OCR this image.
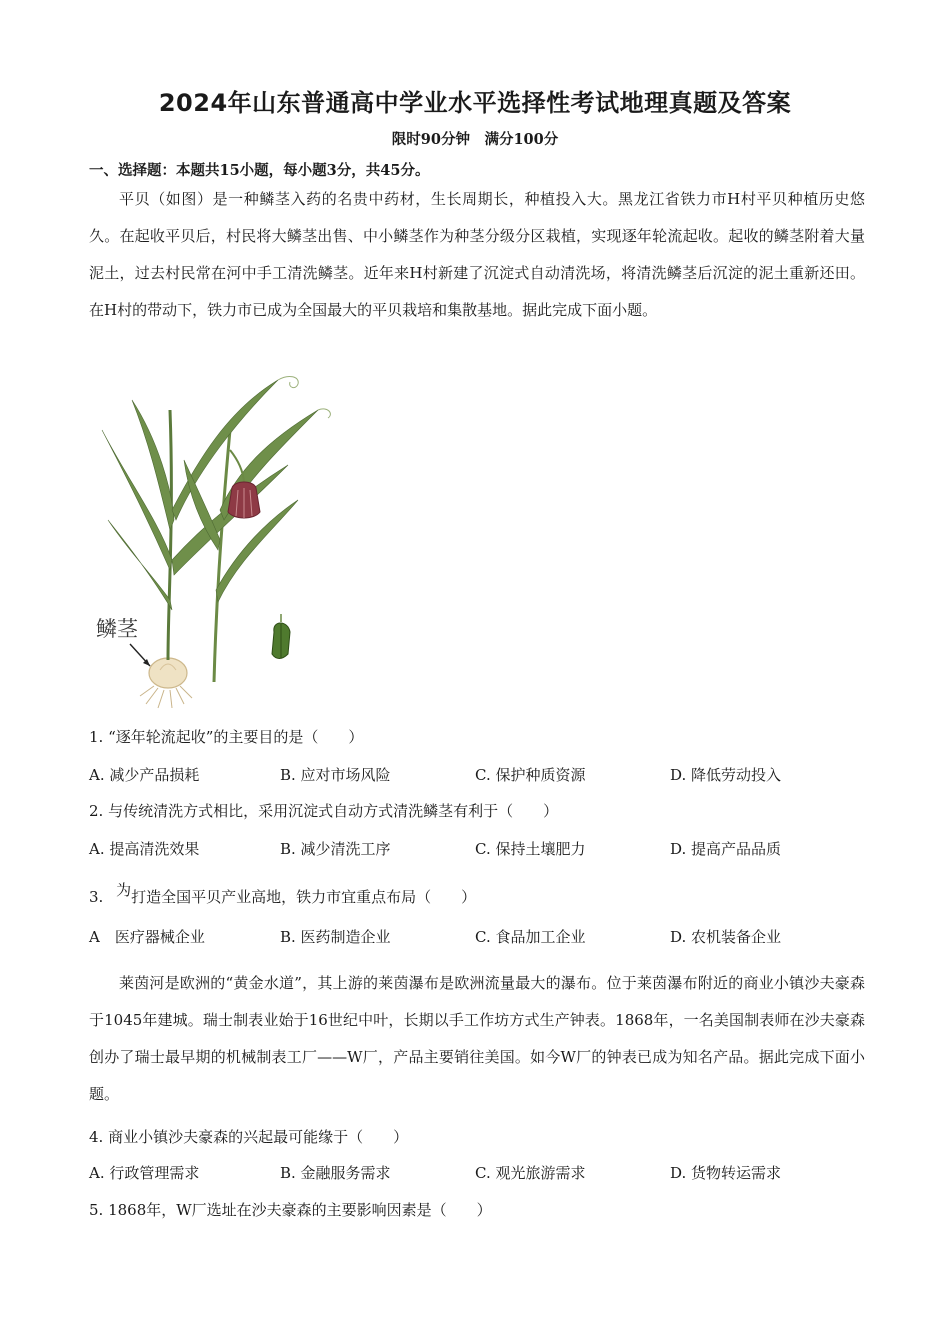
2024年山东普通高中学业水平选择性考试地理真题及答案
限时90分钟　满分100分
一、选择题：本题共15小题，每小题3分，共45分。
平贝（如图）是一种鳞茎入药的名贵中药材，生长周期长，种植投入大。黑龙江省铁力市H村平贝种植历史悠久。在起收平贝后，村民将大鳞茎出售、中小鳞茎作为种茎分级分区栽植，实现逐年轮流起收。起收的鳞茎附着大量泥土，过去村民常在河中手工清洗鳞茎。近年来H村新建了沉淀式自动清洗场，将清洗鳞茎后沉淀的泥土重新还田。在H村的带动下，铁力市已成为全国最大的平贝栽培和集散基地。据此完成下面小题。
鳞茎
1. “逐年轮流起收”的主要目的是（　　）
A. 减少产品损耗	B. 应对市场风险	C. 保护种质资源	D. 降低劳动投入
2. 与传统清洗方式相比，采用沉淀式自动方式清洗鳞茎有利于（　　）
A. 提高清洗效果	B. 减少清洗工序	C. 保持土壤肥力	D. 提高产品品质
3. 为打造全国平贝产业高地，铁力市宜重点布局（　　）
A　医疗器械企业	B. 医药制造企业	C. 食品加工企业	D. 农机装备企业
莱茵河是欧洲的“黄金水道”，其上游的莱茵瀑布是欧洲流量最大的瀑布。位于莱茵瀑布附近的商业小镇沙夫豪森于1045年建城。瑞士制表业始于16世纪中叶，长期以手工作坊方式生产钟表。1868年，一名美国制表师在沙夫豪森创办了瑞士最早期的机械制表工厂——W厂，产品主要销往美国。如今W厂的钟表已成为知名产品。据此完成下面小题。
4. 商业小镇沙夫豪森的兴起最可能缘于（　　）
A. 行政管理需求	B. 金融服务需求	C. 观光旅游需求	D. 货物转运需求
5. 1868年，W厂选址在沙夫豪森的主要影响因素是（　　）
